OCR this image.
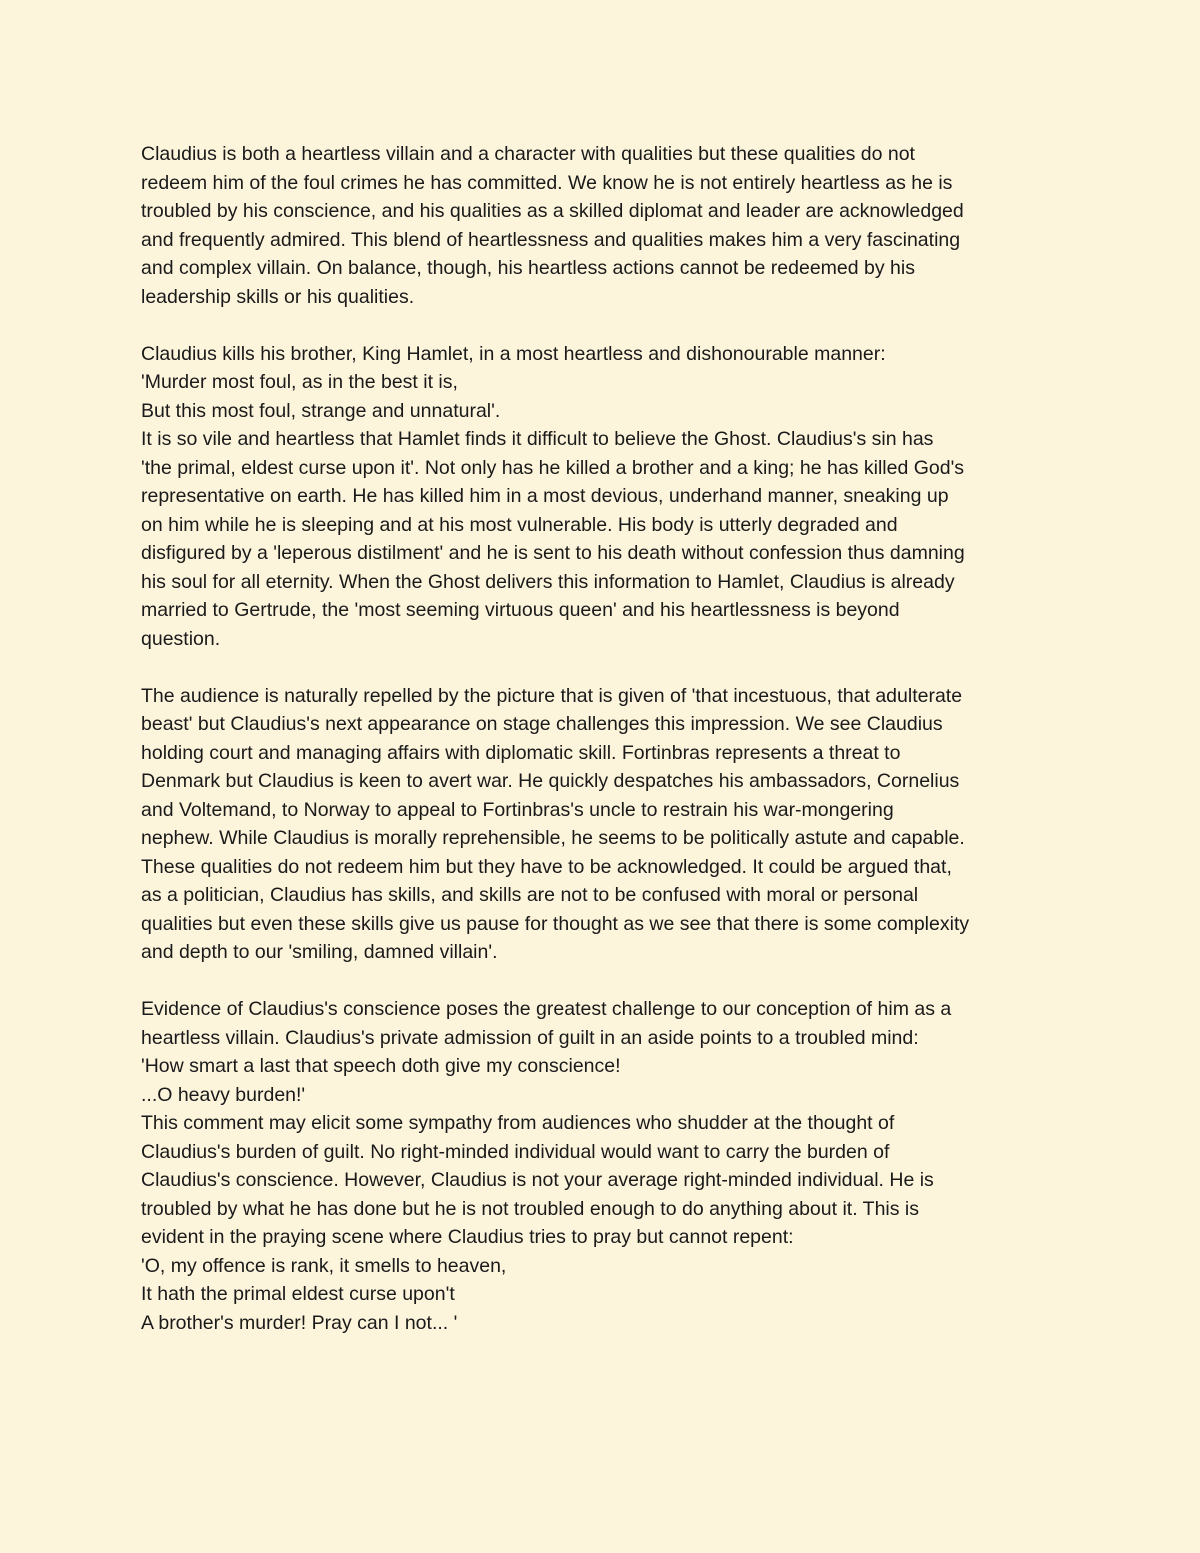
Claudius is both a heartless villain and a character with qualities but these qualities do not
redeem him of the foul crimes he has committed. We know he is not entirely heartless as he is
troubled by his conscience, and his qualities as a skilled diplomat and leader are acknowledged
and frequently admired. This blend of heartlessness and qualities makes him a very fascinating
and complex villain. On balance, though, his heartless actions cannot be redeemed by his
leadership skills or his qualities.
Claudius kills his brother, King Hamlet, in a most heartless and dishonourable manner:
'Murder most foul, as in the best it is,
But this most foul, strange and unnatural'.
It is so vile and heartless that Hamlet finds it difficult to believe the Ghost. Claudius's sin has
'the primal, eldest curse upon it'. Not only has he killed a brother and a king; he has killed God's
representative on earth. He has killed him in a most devious, underhand manner, sneaking up
on him while he is sleeping and at his most vulnerable. His body is utterly degraded and
disfigured by a 'leperous distilment' and he is sent to his death without confession thus damning
his soul for all eternity. When the Ghost delivers this information to Hamlet, Claudius is already
married to Gertrude, the 'most seeming virtuous queen' and his heartlessness is beyond
question.
The audience is naturally repelled by the picture that is given of 'that incestuous, that adulterate
beast' but Claudius's next appearance on stage challenges this impression. We see Claudius
holding court and managing affairs with diplomatic skill. Fortinbras represents a threat to
Denmark but Claudius is keen to avert war. He quickly despatches his ambassadors, Cornelius
and Voltemand, to Norway to appeal to Fortinbras's uncle to restrain his war-mongering
nephew. While Claudius is morally reprehensible, he seems to be politically astute and capable.
These qualities do not redeem him but they have to be acknowledged. It could be argued that,
as a politician, Claudius has skills, and skills are not to be confused with moral or personal
qualities but even these skills give us pause for thought as we see that there is some complexity
and depth to our 'smiling, damned villain'.
Evidence of Claudius's conscience poses the greatest challenge to our conception of him as a
heartless villain. Claudius's private admission of guilt in an aside points to a troubled mind:
'How smart a last that speech doth give my conscience!
...O heavy burden!'
This comment may elicit some sympathy from audiences who shudder at the thought of
Claudius's burden of guilt. No right-minded individual would want to carry the burden of
Claudius's conscience. However, Claudius is not your average right-minded individual. He is
troubled by what he has done but he is not troubled enough to do anything about it. This is
evident in the praying scene where Claudius tries to pray but cannot repent:
'O, my offence is rank, it smells to heaven,
It hath the primal eldest curse upon't
A brother's murder! Pray can I not... '
